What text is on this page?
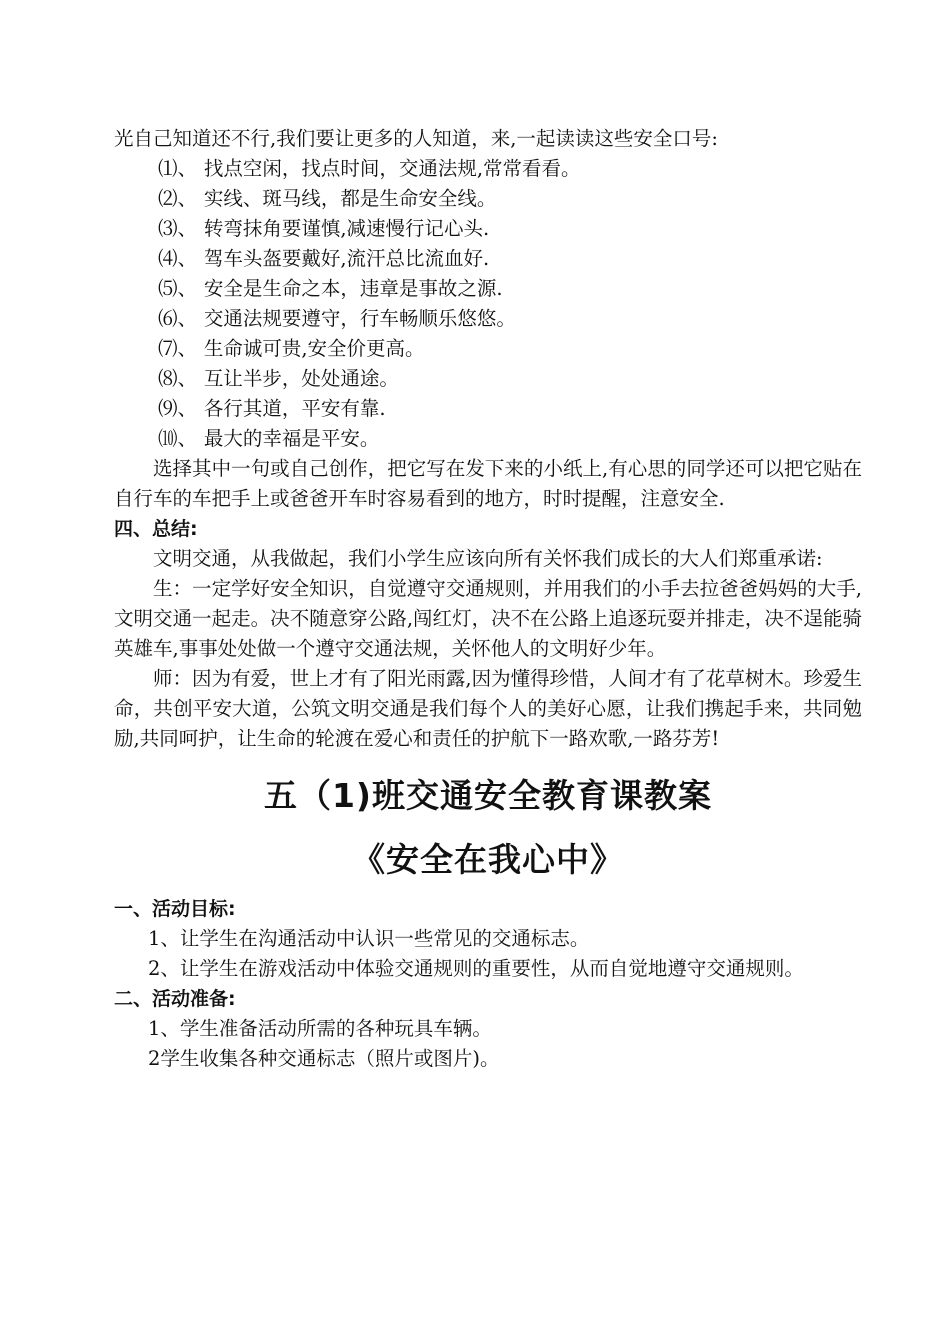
光自己知道还不行,我们要让更多的人知道，来,一起读读这些安全口号:

⑴、 找点空闲，找点时间，交通法规,常常看看。

⑵、 实线、斑马线，都是生命安全线。

⑶、 转弯抹角要谨慎,减速慢行记心头.

⑷、 驾车头盔要戴好,流汗总比流血好.

⑸、 安全是生命之本，违章是事故之源.

⑹、 交通法规要遵守，行车畅顺乐悠悠。

⑺、 生命诚可贵,安全价更高。

⑻、 互让半步，处处通途。

⑼、 各行其道，平安有靠.

⑽、 最大的幸福是平安。

选择其中一句或自己创作，把它写在发下来的小纸上,有心思的同学还可以把它贴在自行车的车把手上或爸爸开车时容易看到的地方，时时提醒，注意安全.

四、总结:

文明交通，从我做起，我们小学生应该向所有关怀我们成长的大人们郑重承诺:

生：一定学好安全知识，自觉遵守交通规则，并用我们的小手去拉爸爸妈妈的大手,文明交通一起走。决不随意穿公路,闯红灯，决不在公路上追逐玩耍并排走，决不逞能骑英雄车,事事处处做一个遵守交通法规，关怀他人的文明好少年。

师：因为有爱，世上才有了阳光雨露,因为懂得珍惜，人间才有了花草树木。珍爱生命，共创平安大道，公筑文明交通是我们每个人的美好心愿，让我们携起手来，共同勉励,共同呵护，让生命的轮渡在爱心和责任的护航下一路欢歌,一路芬芳!

五（1)班交通安全教育课教案
《安全在我心中》

一、活动目标:

1、让学生在沟通活动中认识一些常见的交通标志。

2、让学生在游戏活动中体验交通规则的重要性，从而自觉地遵守交通规则。

二、活动准备:

1、学生准备活动所需的各种玩具车辆。

2学生收集各种交通标志（照片或图片)。
